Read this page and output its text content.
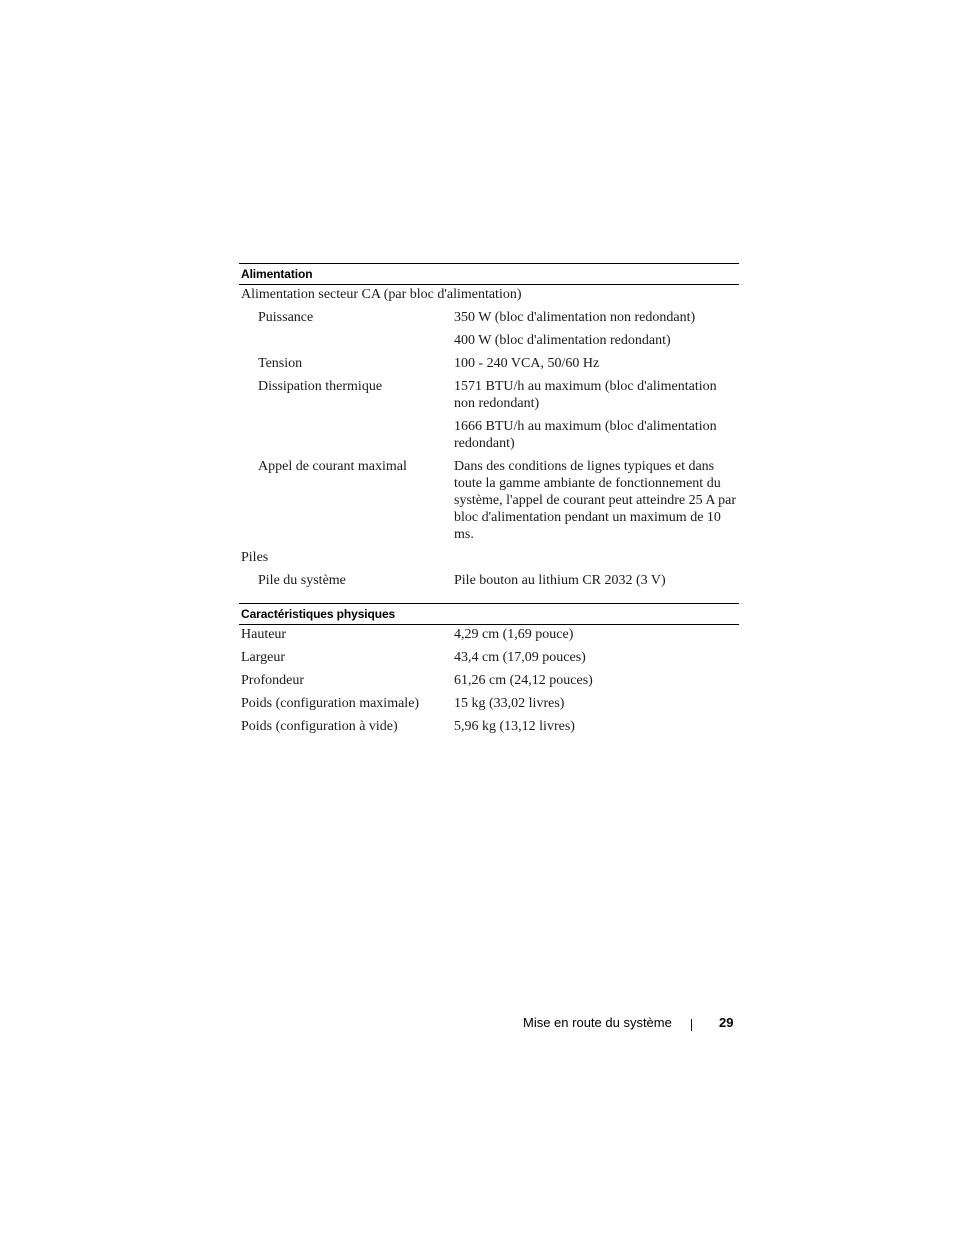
Alimentation
Alimentation secteur CA (par bloc d'alimentation)
Puissance	350 W (bloc d'alimentation non redondant)
400 W (bloc d'alimentation redondant)
Tension	100 - 240 VCA, 50/60 Hz
Dissipation thermique	1571 BTU/h au maximum (bloc d'alimentation non redondant)
1666 BTU/h au maximum (bloc d'alimentation redondant)
Appel de courant maximal	Dans des conditions de lignes typiques et dans toute la gamme ambiante de fonctionnement du système, l'appel de courant peut atteindre 25 A par bloc d'alimentation pendant un maximum de 10 ms.
Piles
Pile du système	Pile bouton au lithium CR 2032 (3 V)
Caractéristiques physiques
Hauteur	4,29 cm (1,69 pouce)
Largeur	43,4 cm (17,09 pouces)
Profondeur	61,26 cm (24,12 pouces)
Poids (configuration maximale)	15 kg (33,02 livres)
Poids (configuration à vide)	5,96 kg (13,12 livres)
Mise en route du système	29
